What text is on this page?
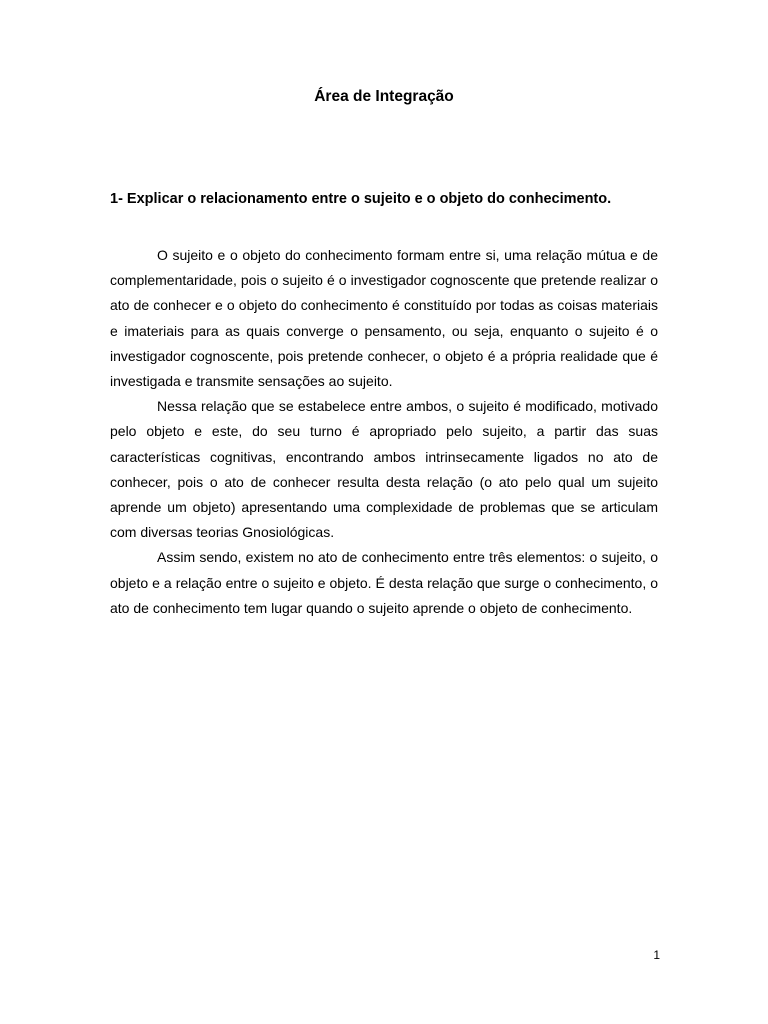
Área de Integração
1- Explicar o relacionamento entre o sujeito e o objeto do conhecimento.

O sujeito e o objeto do conhecimento formam entre si, uma relação mútua e de complementaridade, pois o sujeito é o investigador cognoscente que pretende realizar o ato de conhecer e o objeto do conhecimento é constituído por todas as coisas materiais e imateriais para as quais converge o pensamento, ou seja, enquanto o sujeito é o investigador cognoscente, pois pretende conhecer, o objeto é a própria realidade que é investigada e transmite sensações ao sujeito.

Nessa relação que se estabelece entre ambos, o sujeito é modificado, motivado pelo objeto e este, do seu turno é apropriado pelo sujeito, a partir das suas características cognitivas, encontrando ambos intrinsecamente ligados no ato de conhecer, pois o ato de conhecer resulta desta relação (o ato pelo qual um sujeito aprende um objeto) apresentando uma complexidade de problemas que se articulam com diversas teorias Gnosiológicas.

Assim sendo, existem no ato de conhecimento entre três elementos: o sujeito, o objeto e a relação entre o sujeito e objeto. É desta relação que surge o conhecimento, o ato de conhecimento tem lugar quando o sujeito aprende o objeto de conhecimento.

1
